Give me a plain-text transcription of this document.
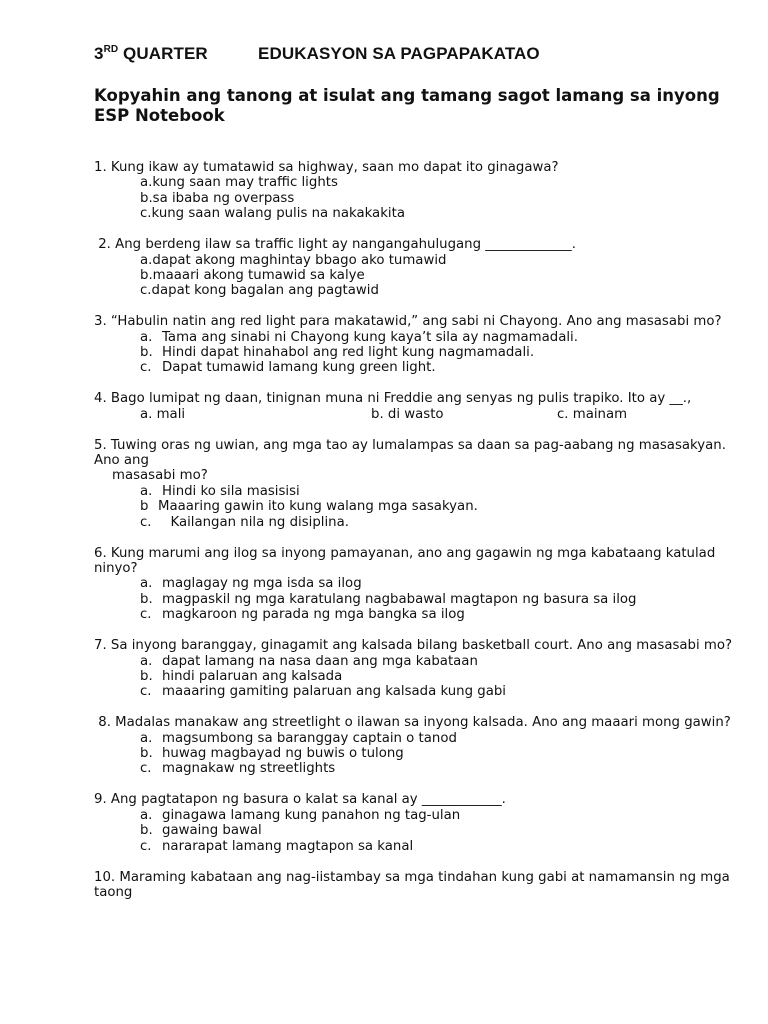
3RD QUARTER	EDUKASYON SA PAGPAPAKATAO
Kopyahin ang tanong at isulat ang tamang sagot lamang sa inyong ESP Notebook

1. Kung ikaw ay tumatawid sa highway, saan mo dapat ito ginagawa?

a.kung saan may traffic lights

b.sa ibaba ng overpass

c.kung saan walang pulis na nakakakita

2. Ang berdeng ilaw sa traffic light ay nangangahulugang _____________.

a.dapat akong maghintay bbago ako tumawid

b.maaari akong tumawid sa kalye

c.dapat kong bagalan ang pagtawid

3. “Habulin natin ang red light para makatawid,” ang sabi ni Chayong. Ano ang masasabi mo?

a. Tama ang sinabi ni Chayong kung kaya’t sila ay nagmamadali.

b. Hindi dapat hinahabol ang red light kung nagmamadali.

c. Dapat tumawid lamang kung green light.

4. Bago lumipat ng daan, tinignan muna ni Freddie ang senyas ng pulis trapiko. Ito ay __.,

a. mali	b. di wasto	c. mainam

5. Tuwing oras ng uwian, ang mga tao ay lumalampas sa daan sa pag-aabang ng masasakyan. Ano ang

masasabi mo?

a. Hindi ko sila masisisi

b Maaaring gawin ito kung walang mga sasakyan.

c. Kailangan nila ng disiplina.

6. Kung marumi ang ilog sa inyong pamayanan, ano ang gagawin ng mga kabataang katulad ninyo?

a. maglagay ng mga isda sa ilog

b. magpaskil ng mga karatulang nagbabawal magtapon ng basura sa ilog

c. magkaroon ng parada ng mga bangka sa ilog

7. Sa inyong baranggay, ginagamit ang kalsada bilang basketball court. Ano ang masasabi mo?

a. dapat lamang na nasa daan ang mga kabataan

b. hindi palaruan ang kalsada

c. maaaring gamiting palaruan ang kalsada kung gabi

8. Madalas manakaw ang streetlight o ilawan sa inyong kalsada. Ano ang maaari mong gawin?

a. magsumbong sa baranggay captain o tanod

b. huwag magbayad ng buwis o tulong

c. magnakaw ng streetlights

9. Ang pagtatapon ng basura o kalat sa kanal ay ____________.

a. ginagawa lamang kung panahon ng tag-ulan

b. gawaing bawal

c. nararapat lamang magtapon sa kanal

10. Maraming kabataan ang nag-iistambay sa mga tindahan kung gabi at namamansin ng mga taong
